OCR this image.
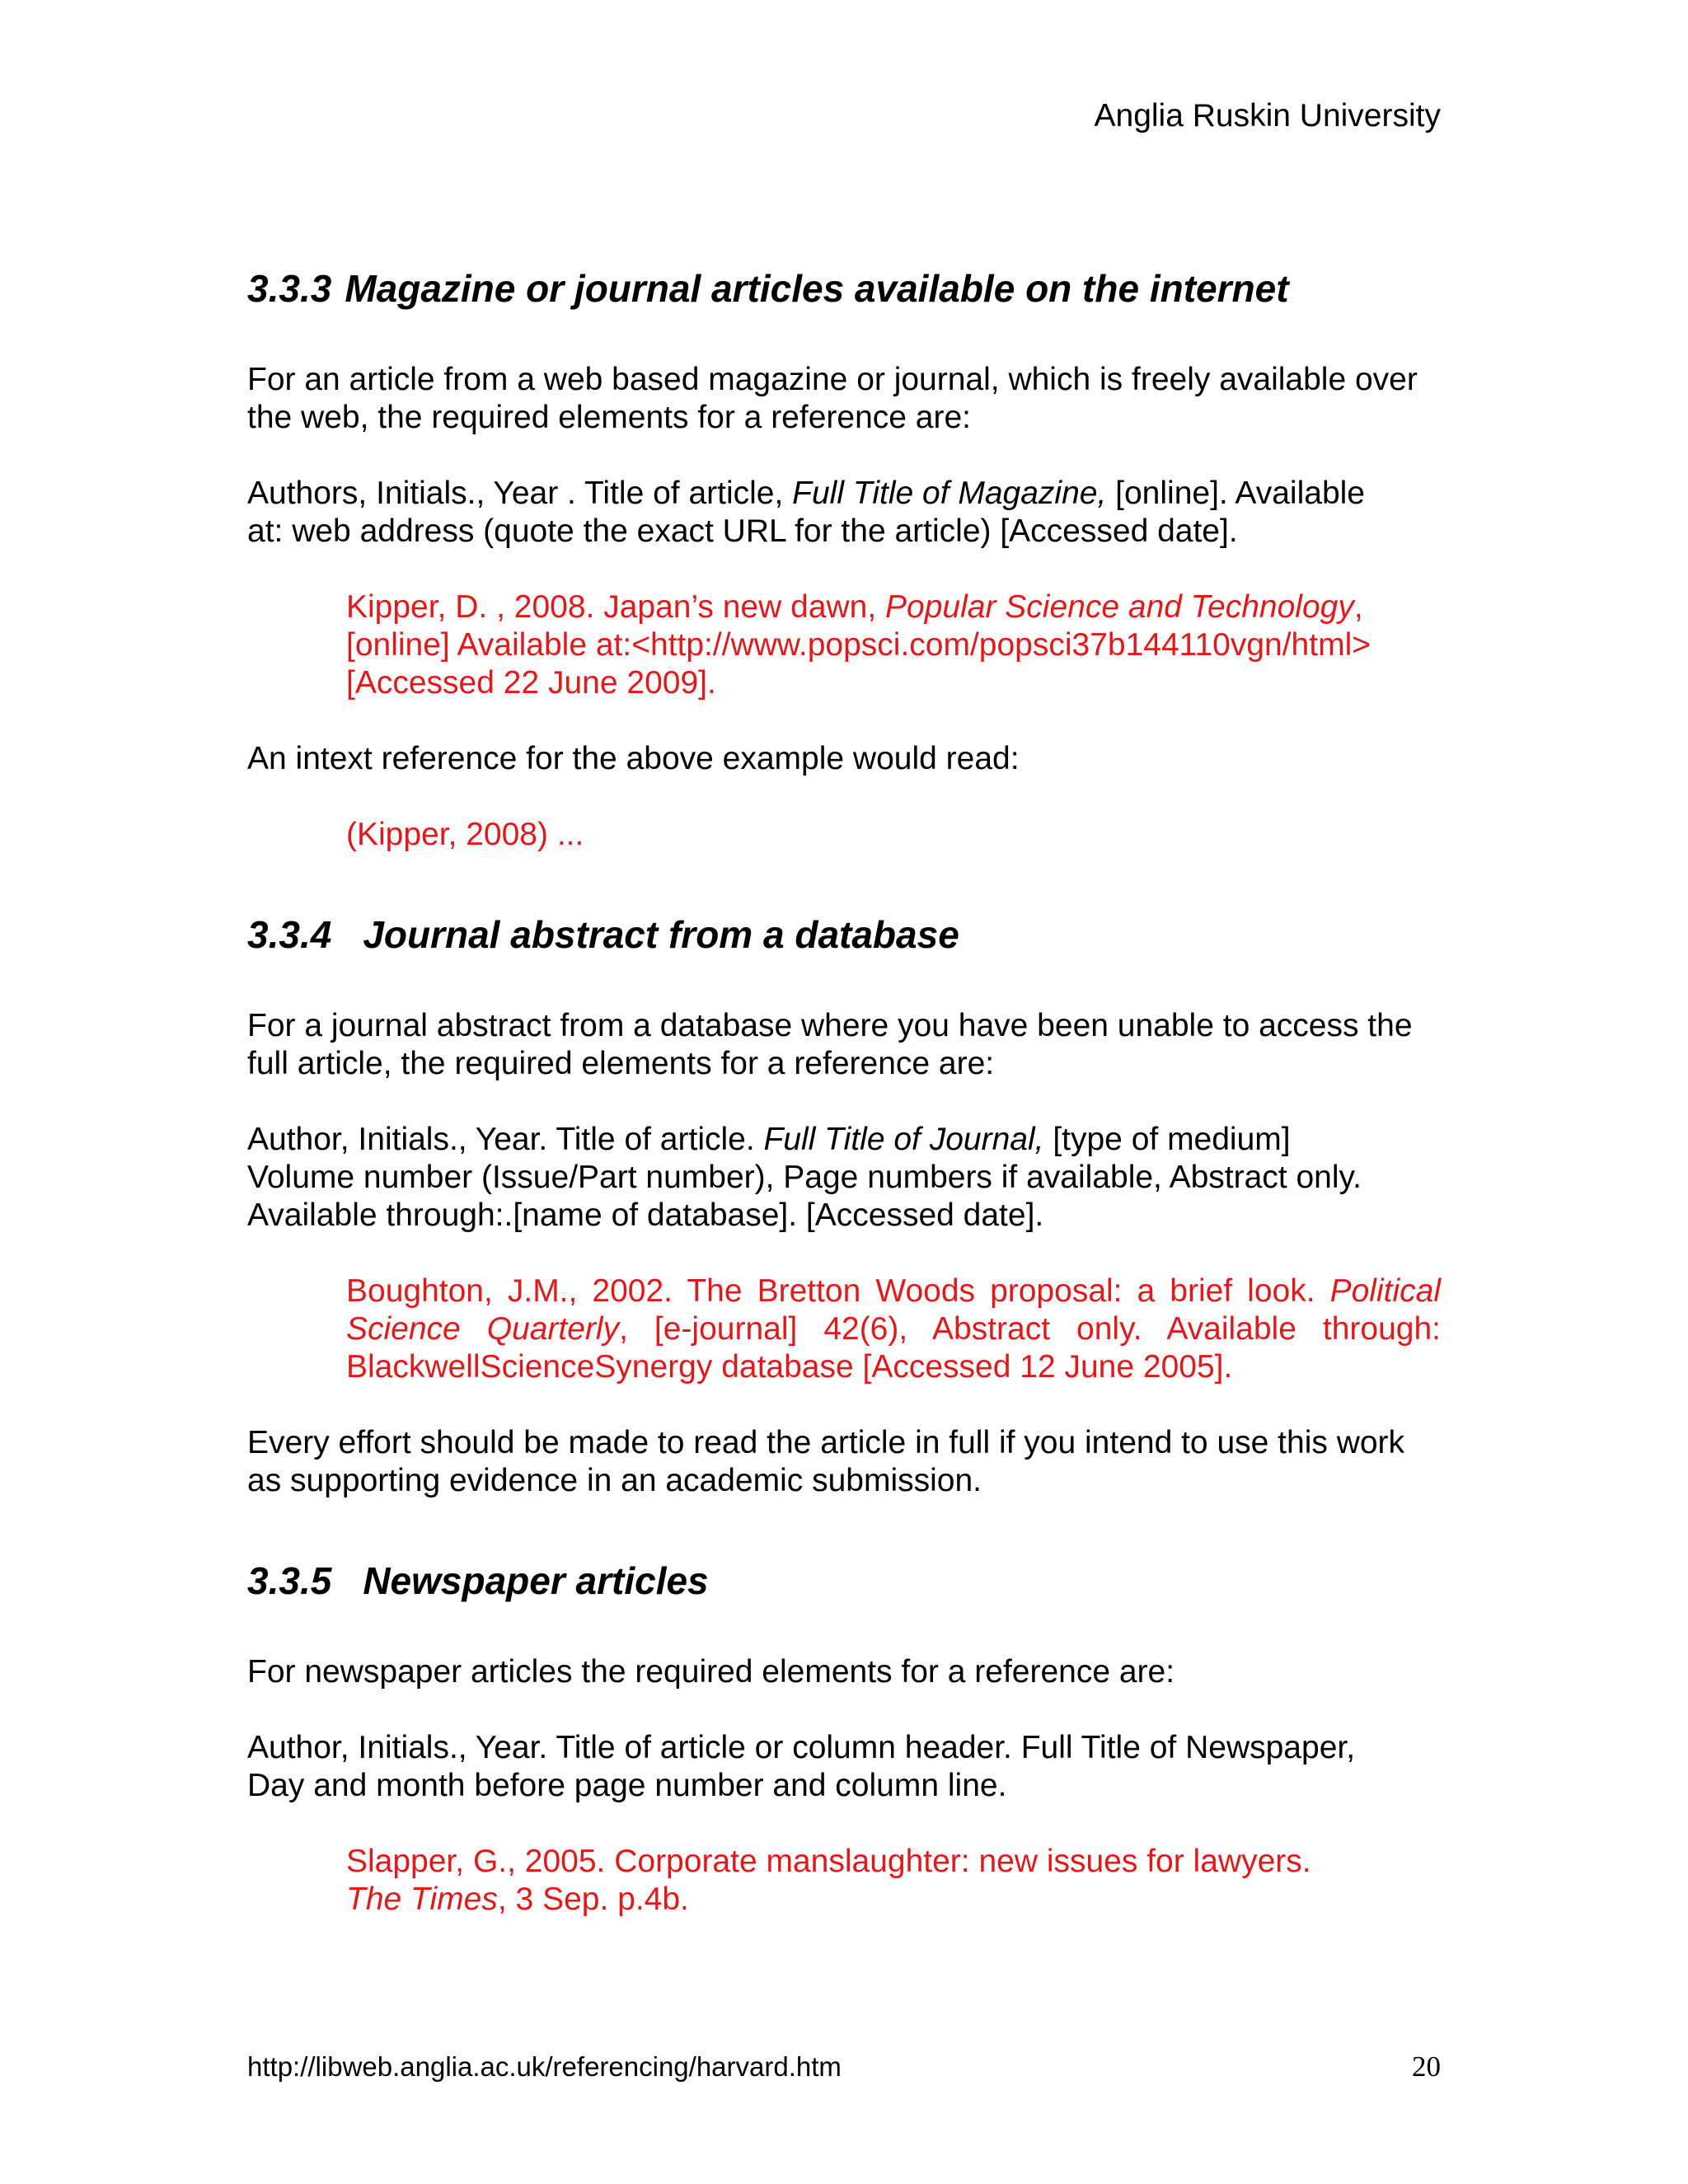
Anglia Ruskin University
3.3.3 Magazine or journal articles available on the internet

For an article from a web based magazine or journal, which is freely available over the web, the required elements for a reference are:

Authors, Initials., Year . Title of article, Full Title of Magazine, [online]. Available
at: web address (quote the exact URL for the article) [Accessed date].

Kipper, D. , 2008. Japan’s new dawn, Popular Science and Technology,
[online] Available at:<http://www.popsci.com/popsci37b144110vgn/html>
[Accessed 22 June 2009].

An intext reference for the above example would read:

(Kipper, 2008) ...

3.3.4 Journal abstract from a database

For a journal abstract from a database where you have been unable to access the full article, the required elements for a reference are:

Author, Initials., Year. Title of article. Full Title of Journal, [type of medium]
Volume number (Issue/Part number), Page numbers if available, Abstract only.
Available through:.[name of database]. [Accessed date].

Boughton, J.M., 2002. The Bretton Woods proposal: a brief look. Political Science Quarterly, [e-journal] 42(6), Abstract only. Available through: BlackwellScienceSynergy database [Accessed 12 June 2005].

Every effort should be made to read the article in full if you intend to use this work as supporting evidence in an academic submission.

3.3.5 Newspaper articles

For newspaper articles the required elements for a reference are:

Author, Initials., Year. Title of article or column header. Full Title of Newspaper,
Day and month before page number and column line.

Slapper, G., 2005. Corporate manslaughter: new issues for lawyers.
The Times, 3 Sep. p.4b.

http://libweb.anglia.ac.uk/referencing/harvard.htm	20
